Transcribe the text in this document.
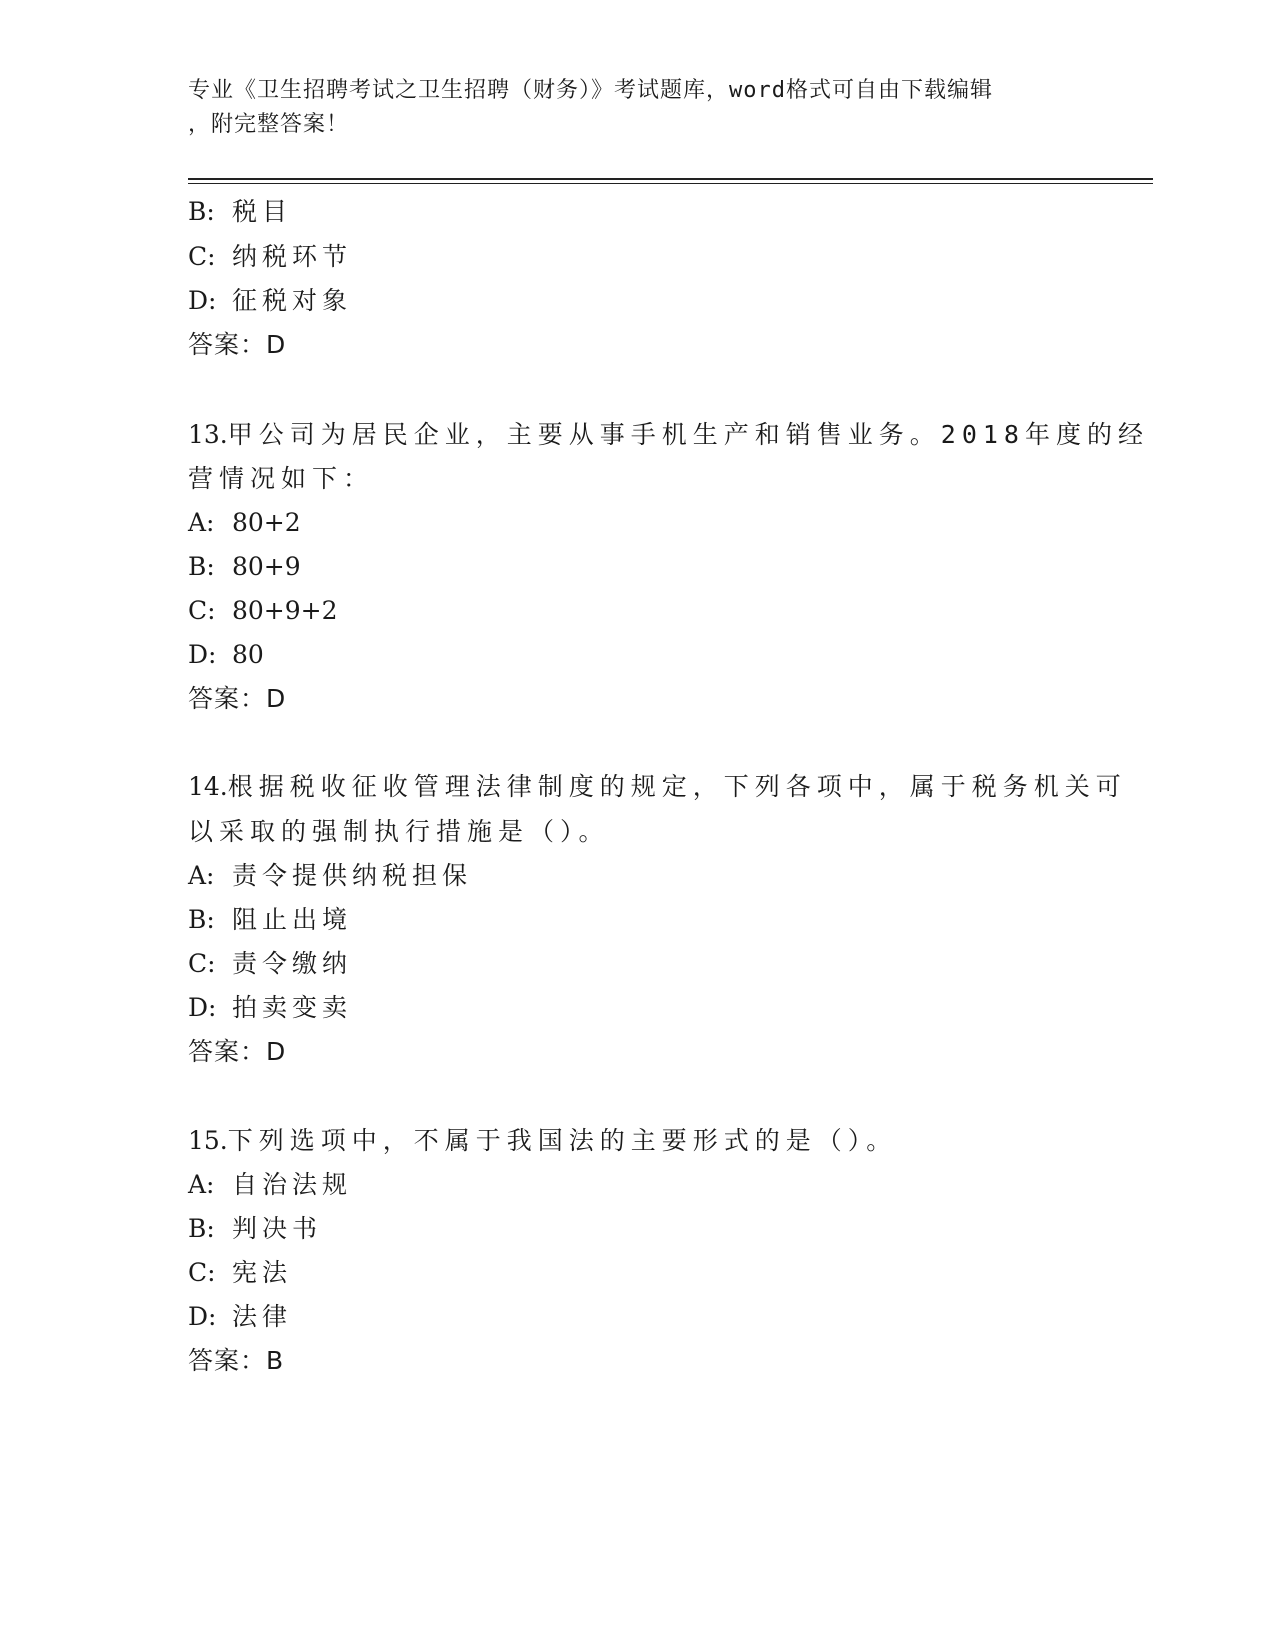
专业《卫生招聘考试之卫生招聘（财务）》考试题库，word格式可自由下载编辑
，附完整答案！
B: 税目
C: 纳税环节
D: 征税对象
答案：D
13.甲公司为居民企业，主要从事手机生产和销售业务。2018年度的经
营情况如下：
A: 80+2
B: 80+9
C: 80+9+2
D: 80
答案：D
14.根据税收征收管理法律制度的规定，下列各项中，属于税务机关可
以采取的强制执行措施是（）。
A: 责令提供纳税担保
B: 阻止出境
C: 责令缴纳
D: 拍卖变卖
答案：D
15.下列选项中，不属于我国法的主要形式的是（）。
A: 自治法规
B: 判决书
C: 宪法
D: 法律
答案：B
